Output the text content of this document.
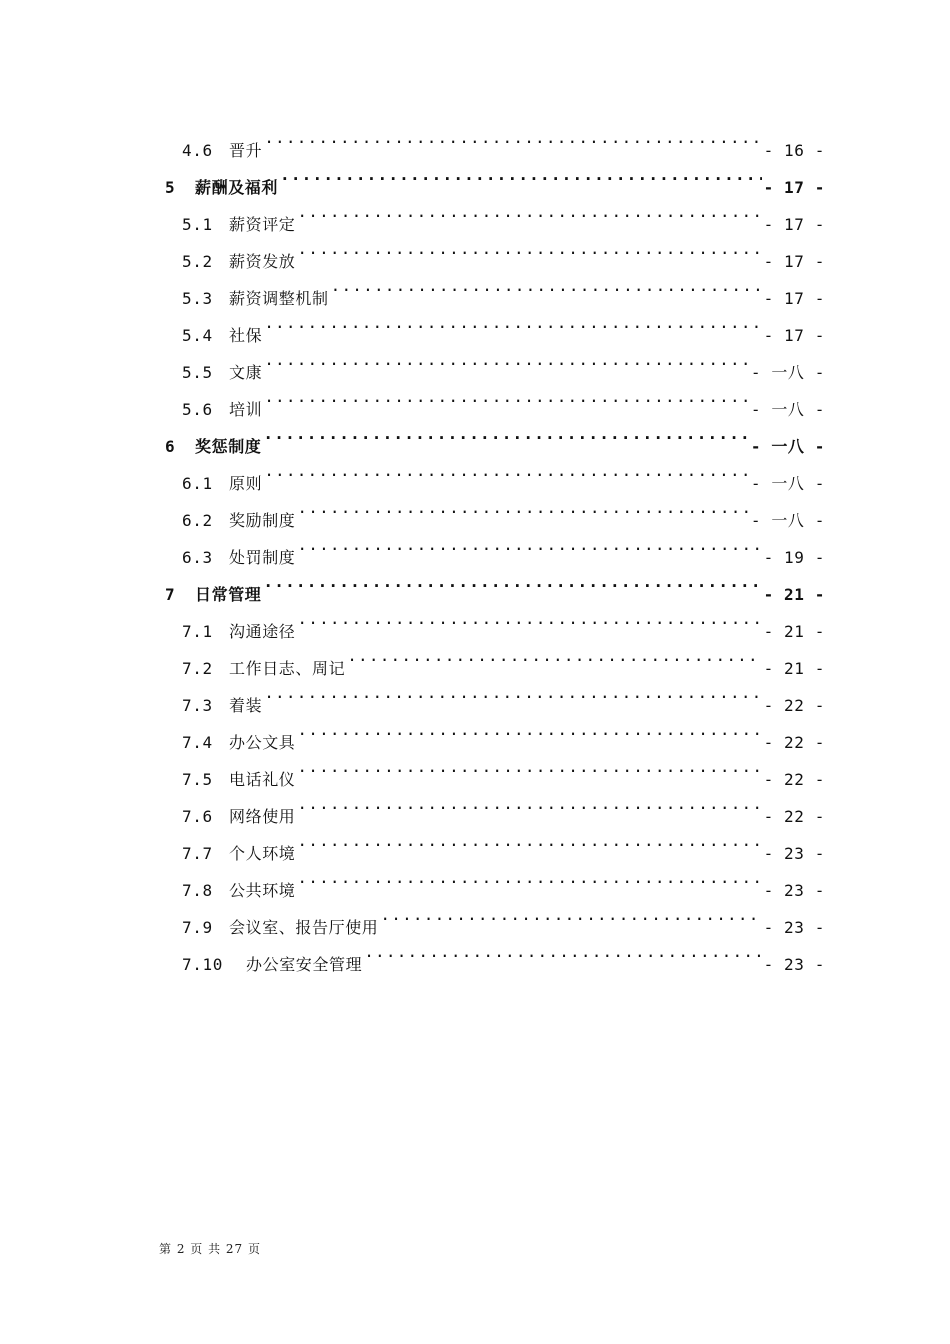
4.6	晋升 .....	- 16 -
5	薪酬及福利 .....	- 17 -
5.1	薪资评定 .....	- 17 -
5.2	薪资发放 .....	- 17 -
5.3	薪资调整机制 .....	- 17 -
5.4	社保 .....	- 17 -
5.5	文康 .....	- 一八 -
5.6	培训 .....	- 一八 -
6	奖惩制度 .....	- 一八 -
6.1	原则 .....	- 一八 -
6.2	奖励制度 .....	- 一八 -
6.3	处罚制度 .....	- 19 -
7	日常管理 .....	- 21 -
7.1	沟通途径 .....	- 21 -
7.2	工作日志、周记 .....	- 21 -
7.3	着装 .....	- 22 -
7.4	办公文具 .....	- 22 -
7.5	电话礼仪 .....	- 22 -
7.6	网络使用 .....	- 22 -
7.7	个人环境 .....	- 23 -
7.8	公共环境 .....	- 23 -
7.9	会议室、报告厅使用 .....	- 23 -
7.10	办公室安全管理 .....	- 23 -
第 2 页 共 27 页
